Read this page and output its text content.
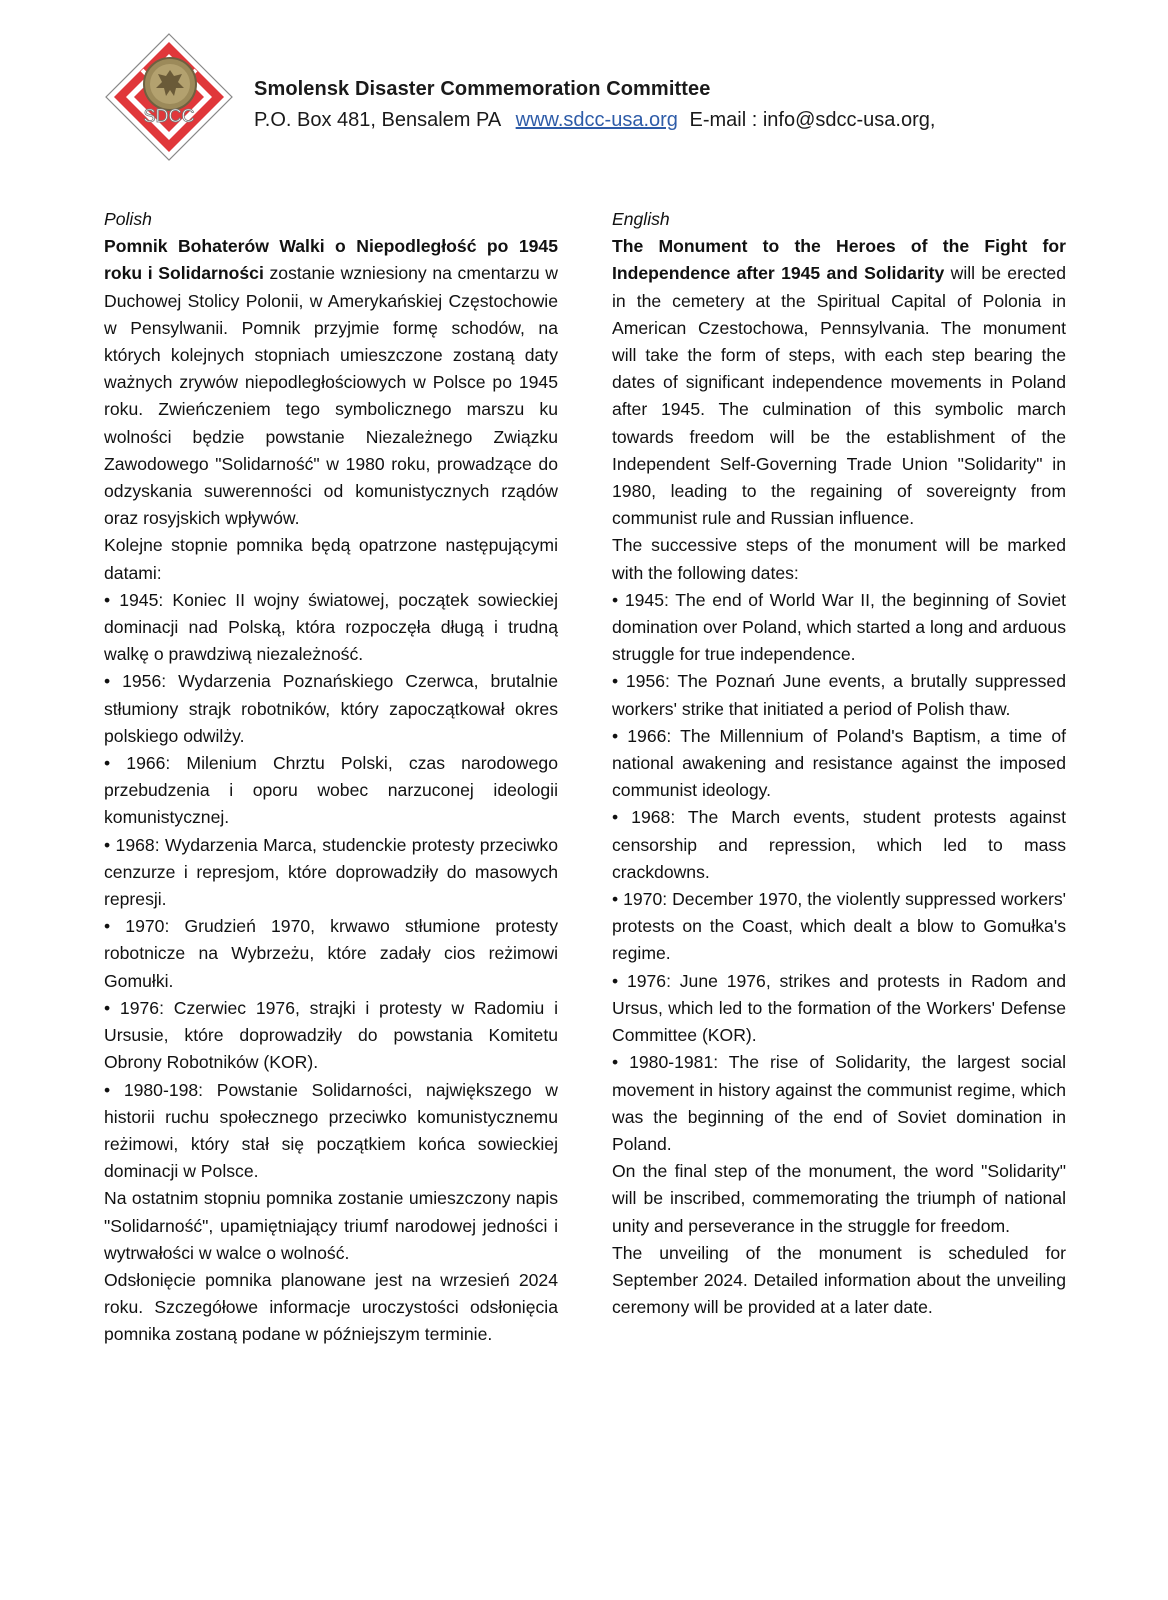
SDCC
Smolensk Disaster Commemoration Committee
P.O. Box 481, Bensalem PA www.sdcc-usa.org E-mail : info@sdcc-usa.org,

Polish

Pomnik Bohaterów Walki o Niepodległość po 1945 roku i Solidarności zostanie wzniesiony na cmentarzu w Duchowej Stolicy Polonii, w Amerykańskiej Częstochowie w Pensylwanii. Pomnik przyjmie formę schodów, na których kolejnych stopniach umieszczone zostaną daty ważnych zrywów niepodległościowych w Polsce po 1945 roku. Zwieńczeniem tego symbolicznego marszu ku wolności będzie powstanie Niezależnego Związku Zawodowego "Solidarność" w 1980 roku, prowadzące do odzyskania suwerenności od komunistycznych rządów oraz rosyjskich wpływów.

Kolejne stopnie pomnika będą opatrzone następującymi datami:

• 1945: Koniec II wojny światowej, początek sowieckiej dominacji nad Polską, która rozpoczęła długą i trudną walkę o prawdziwą niezależność.

• 1956: Wydarzenia Poznańskiego Czerwca, brutalnie stłumiony strajk robotników, który zapoczątkował okres polskiego odwilży.

• 1966: Milenium Chrztu Polski, czas narodowego przebudzenia i oporu wobec narzuconej ideologii komunistycznej.

• 1968: Wydarzenia Marca, studenckie protesty przeciwko cenzurze i represjom, które doprowadziły do masowych represji.

• 1970: Grudzień 1970, krwawo stłumione protesty robotnicze na Wybrzeżu, które zadały cios reżimowi Gomułki.

• 1976: Czerwiec 1976, strajki i protesty w Radomiu i Ursusie, które doprowadziły do powstania Komitetu Obrony Robotników (KOR).

• 1980-198: Powstanie Solidarności, największego w historii ruchu społecznego przeciwko komunistycznemu reżimowi, który stał się początkiem końca sowieckiej dominacji w Polsce.

Na ostatnim stopniu pomnika zostanie umieszczony napis "Solidarność", upamiętniający triumf narodowej jedności i wytrwałości w walce o wolność.

Odsłonięcie pomnika planowane jest na wrzesień 2024 roku. Szczegółowe informacje uroczystości odsłonięcia pomnika zostaną podane w późniejszym terminie.

English

The Monument to the Heroes of the Fight for Independence after 1945 and Solidarity will be erected in the cemetery at the Spiritual Capital of Polonia in American Czestochowa, Pennsylvania. The monument will take the form of steps, with each step bearing the dates of significant independence movements in Poland after 1945. The culmination of this symbolic march towards freedom will be the establishment of the Independent Self-Governing Trade Union "Solidarity" in 1980, leading to the regaining of sovereignty from communist rule and Russian influence.

The successive steps of the monument will be marked with the following dates:

• 1945: The end of World War II, the beginning of Soviet domination over Poland, which started a long and arduous struggle for true independence.

• 1956: The Poznań June events, a brutally suppressed workers' strike that initiated a period of Polish thaw.

• 1966: The Millennium of Poland's Baptism, a time of national awakening and resistance against the imposed communist ideology.

• 1968: The March events, student protests against censorship and repression, which led to mass crackdowns.

• 1970: December 1970, the violently suppressed workers' protests on the Coast, which dealt a blow to Gomułka's regime.

• 1976: June 1976, strikes and protests in Radom and Ursus, which led to the formation of the Workers' Defense Committee (KOR).

• 1980-1981: The rise of Solidarity, the largest social movement in history against the communist regime, which was the beginning of the end of Soviet domination in Poland.

On the final step of the monument, the word "Solidarity" will be inscribed, commemorating the triumph of national unity and perseverance in the struggle for freedom.

The unveiling of the monument is scheduled for September 2024. Detailed information about the unveiling ceremony will be provided at a later date.
